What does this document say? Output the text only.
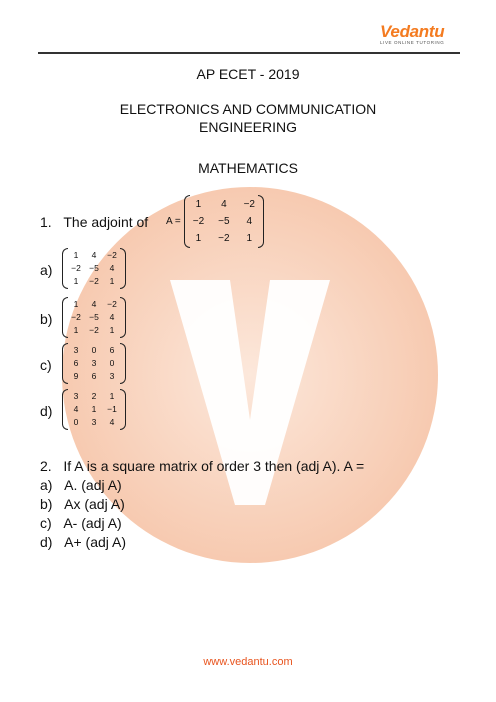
Vedantu
LIVE ONLINE TUTORING
AP ECET - 2019
ELECTRONICS AND COMMUNICATION
ENGINEERING
MATHEMATICS
1. The adjoint of A =
1 4 −2
−2 −5 4
1 −2 1
a)
1	4	−2
−2 −5	4
1	−2	1
b)
1	4	−2
−2 −5	4
1	−2	1
c)
3	0	6
6	3	0
9	6	3
d)
3	2	1
4	1	−1
0	3	4
2. If A is a square matrix of order 3 then (adj A). A =
a) A. (adj A)
b) Ax (adj A)
c) A- (adj A)
d) A+ (adj A)
www.vedantu.com
